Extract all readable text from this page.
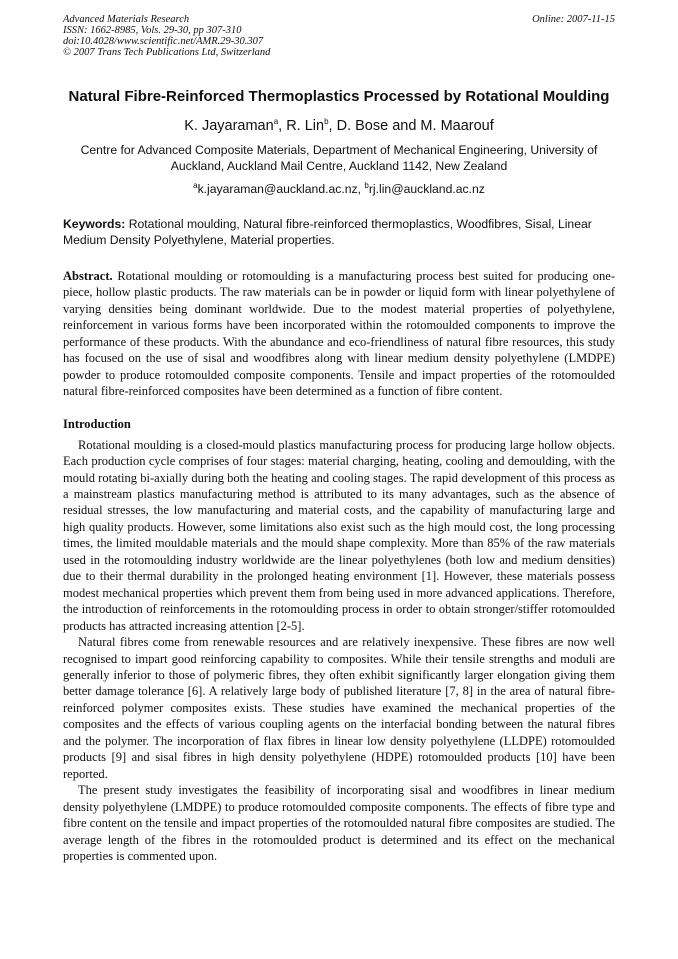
Advanced Materials Research
ISSN: 1662-8985, Vols. 29-30, pp 307-310
doi:10.4028/www.scientific.net/AMR.29-30.307
© 2007 Trans Tech Publications Ltd, Switzerland
Online: 2007-11-15
Natural Fibre-Reinforced Thermoplastics Processed by Rotational Moulding
K. Jayaraman$^a$, R. Lin$^b$, D. Bose and M. Maarouf
Centre for Advanced Composite Materials, Department of Mechanical Engineering, University of Auckland, Auckland Mail Centre, Auckland 1142, New Zealand
$^a$k.jayaraman@auckland.ac.nz, $^b$rj.lin@auckland.ac.nz
Keywords: Rotational moulding, Natural fibre-reinforced thermoplastics, Woodfibres, Sisal, Linear Medium Density Polyethylene, Material properties.
Abstract. Rotational moulding or rotomoulding is a manufacturing process best suited for producing one-piece, hollow plastic products. The raw materials can be in powder or liquid form with linear polyethylene of varying densities being dominant worldwide. Due to the modest material properties of polyethylene, reinforcement in various forms have been incorporated within the rotomoulded components to improve the performance of these products. With the abundance and eco-friendliness of natural fibre resources, this study has focused on the use of sisal and woodfibres along with linear medium density polyethylene (LMDPE) powder to produce rotomoulded composite components. Tensile and impact properties of the rotomoulded natural fibre-reinforced composites have been determined as a function of fibre content.
Introduction

Rotational moulding is a closed-mould plastics manufacturing process for producing large hollow objects. Each production cycle comprises of four stages: material charging, heating, cooling and demoulding, with the mould rotating bi-axially during both the heating and cooling stages. The rapid development of this process as a mainstream plastics manufacturing method is attributed to its many advantages, such as the absence of residual stresses, the low manufacturing and material costs, and the capability of manufacturing large and high quality products. However, some limitations also exist such as the high mould cost, the long processing times, the limited mouldable materials and the mould shape complexity. More than 85% of the raw materials used in the rotomoulding industry worldwide are the linear polyethylenes (both low and medium densities) due to their thermal durability in the prolonged heating environment [1]. However, these materials possess modest mechanical properties which prevent them from being used in more advanced applications. Therefore, the introduction of reinforcements in the rotomoulding process in order to obtain stronger/stiffer rotomoulded products has attracted increasing attention [2-5].

Natural fibres come from renewable resources and are relatively inexpensive. These fibres are now well recognised to impart good reinforcing capability to composites. While their tensile strengths and moduli are generally inferior to those of polymeric fibres, they often exhibit significantly larger elongation giving them better damage tolerance [6]. A relatively large body of published literature [7, 8] in the area of natural fibre-reinforced polymer composites exists. These studies have examined the mechanical properties of the composites and the effects of various coupling agents on the interfacial bonding between the natural fibres and the polymer. The incorporation of flax fibres in linear low density polyethylene (LLDPE) rotomoulded products [9] and sisal fibres in high density polyethylene (HDPE) rotomoulded products [10] have been reported.

The present study investigates the feasibility of incorporating sisal and woodfibres in linear medium density polyethylene (LMDPE) to produce rotomoulded composite components. The effects of fibre type and fibre content on the tensile and impact properties of the rotomoulded natural fibre composites are studied. The average length of the fibres in the rotomoulded product is determined and its effect on the mechanical properties is commented upon.
